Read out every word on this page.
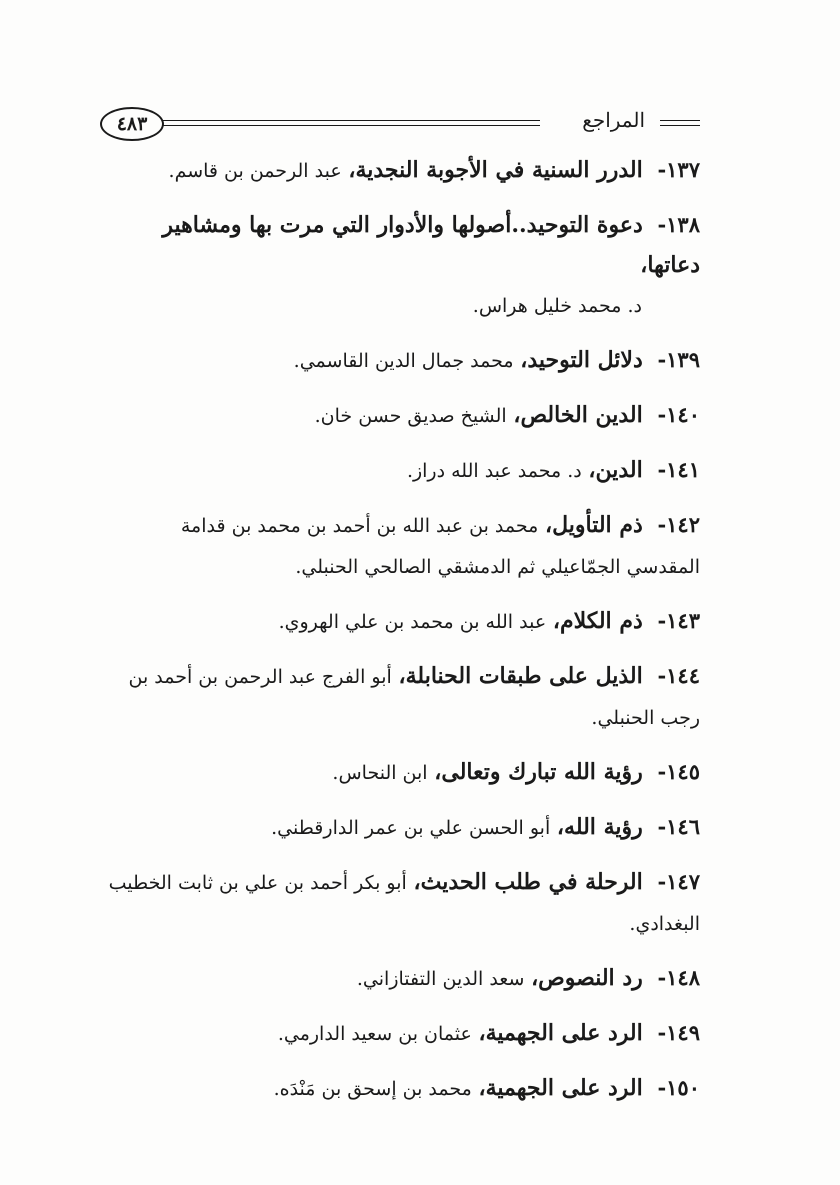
٤٨٣	المراجع
١٣٧- الدرر السنية في الأجوبة النجدية، عبد الرحمن بن قاسم.
١٣٨- دعوة التوحيد..أصولها والأدوار التي مرت بها ومشاهير دعاتها،
د. محمد خليل هراس.
١٣٩- دلائل التوحيد، محمد جمال الدين القاسمي.
١٤٠- الدين الخالص، الشيخ صديق حسن خان.
١٤١- الدين، د. محمد عبد الله دراز.
١٤٢- ذم التأويل، محمد بن عبد الله بن أحمد بن محمد بن قدامة المقدسي الجمّاعيلي ثم الدمشقي الصالحي الحنبلي.
١٤٣- ذم الكلام، عبد الله بن محمد بن علي الهروي.
١٤٤- الذيل على طبقات الحنابلة، أبو الفرج عبد الرحمن بن أحمد بن رجب الحنبلي.
١٤٥- رؤية الله تبارك وتعالى، ابن النحاس.
١٤٦- رؤية الله، أبو الحسن علي بن عمر الدارقطني.
١٤٧- الرحلة في طلب الحديث، أبو بكر أحمد بن علي بن ثابت الخطيب البغدادي.
١٤٨- رد النصوص، سعد الدين التفتازاني.
١٤٩- الرد على الجهمية، عثمان بن سعيد الدارمي.
١٥٠- الرد على الجهمية، محمد بن إسحق بن مَنْدَه.
